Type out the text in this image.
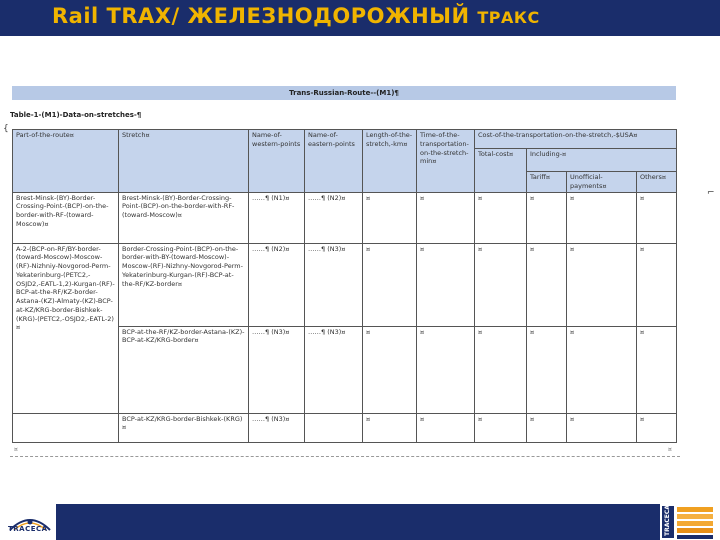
Rail TRAX/ ЖЕЛЕЗНОДОРОЖНЫЙ ТРАКС
Trans-Russian-Route--(M1)¶
Table-1-(M1)-Data-on-stretches-¶
{
⌐
Part-of-the-route¤	Stretch¤	Name-of-western-points	Name-of-eastern-points	Length-of-the-stretch,-km¤	Time-of-the-transportation-on-the-stretch-min¤	Cost-of-the-transportation-on-the-stretch,-$USA¤			
						Total-cost¤	Including-¤		
							Tariff¤	Unofficial-payments¤	Others¤
Brest-Minsk-(BY)-Border-Crossing-Point-(BCP)-on-the-border-with-RF-(toward-Moscow)¤	Brest-Minsk-(BY)-Border-Crossing-Point-(BCP)-on-the-border-with-RF-(toward-Moscow)¤	……¶ (N1)¤	……¶ (N2)¤	¤	¤	¤	¤	¤	¤
A-2-(BCP-on-RF/BY-border-(toward-Moscow)-Moscow-(RF)-Nizhniy-Novgorod-Perm-Yekaterinburg-(PETC2,-OSJD2,-EATL-1,2)-Kurgan-(RF)-BCP-at-the-RF/KZ-border-Astana-(KZ)-Almaty-(KZ)-BCP-at-KZ/KRG-border-Bishkek-(KRG)-(PETC2,-OSJD2,-EATL-2)¤	Border-Crossing-Point-(BCP)-on-the-border-with-BY-(toward-Moscow)-Moscow-(RF)-Nizhny-Novgorod-Perm-Yekaterinburg-Kurgan-(RF)-BCP-at-the-RF/KZ-border¤	……¶ (N2)¤	……¶ (N3)¤	¤	¤	¤	¤	¤	¤
	BCP-at-the-RF/KZ-border-Astana-(KZ)-BCP-at-KZ/KRG-border¤	……¶ (N3)¤	……¶ (N3)¤	¤	¤	¤	¤	¤	¤
	BCP-at-KZ/KRG-border-Bishkek-(KRG)¤	……¶ (N3)¤		¤	¤	¤	¤	¤	¤
¤	¤
TRACECA	TRACECA
